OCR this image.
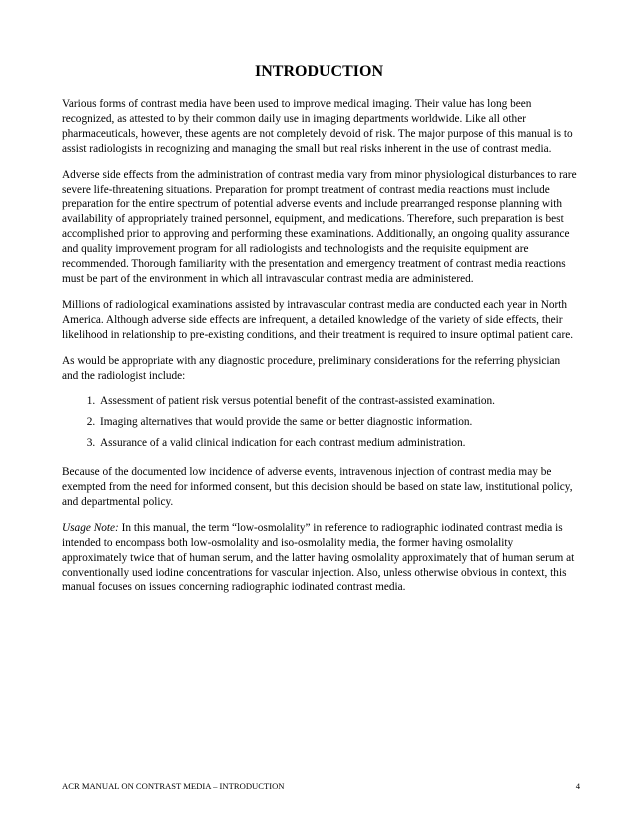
INTRODUCTION

Various forms of contrast media have been used to improve medical imaging. Their value has long been recognized, as attested to by their common daily use in imaging departments worldwide. Like all other pharmaceuticals, however, these agents are not completely devoid of risk. The major purpose of this manual is to assist radiologists in recognizing and managing the small but real risks inherent in the use of contrast media.

Adverse side effects from the administration of contrast media vary from minor physiological disturbances to rare severe life-threatening situations. Preparation for prompt treatment of contrast media reactions must include preparation for the entire spectrum of potential adverse events and include prearranged response planning with availability of appropriately trained personnel, equipment, and medications. Therefore, such preparation is best accomplished prior to approving and performing these examinations. Additionally, an ongoing quality assurance and quality improvement program for all radiologists and technologists and the requisite equipment are recommended. Thorough familiarity with the presentation and emergency treatment of contrast media reactions must be part of the environment in which all intravascular contrast media are administered.

Millions of radiological examinations assisted by intravascular contrast media are conducted each year in North America. Although adverse side effects are infrequent, a detailed knowledge of the variety of side effects, their likelihood in relationship to pre-existing conditions, and their treatment is required to insure optimal patient care.

As would be appropriate with any diagnostic procedure, preliminary considerations for the referring physician and the radiologist include:

1. Assessment of patient risk versus potential benefit of the contrast-assisted examination.
2. Imaging alternatives that would provide the same or better diagnostic information.
3. Assurance of a valid clinical indication for each contrast medium administration.

Because of the documented low incidence of adverse events, intravenous injection of contrast media may be exempted from the need for informed consent, but this decision should be based on state law, institutional policy, and departmental policy.

Usage Note: In this manual, the term “low-osmolality” in reference to radiographic iodinated contrast media is intended to encompass both low-osmolality and iso-osmolality media, the former having osmolality approximately twice that of human serum, and the latter having osmolality approximately that of human serum at conventionally used iodine concentrations for vascular injection. Also, unless otherwise obvious in context, this manual focuses on issues concerning radiographic iodinated contrast media.

ACR MANUAL ON CONTRAST MEDIA – INTRODUCTION	4
